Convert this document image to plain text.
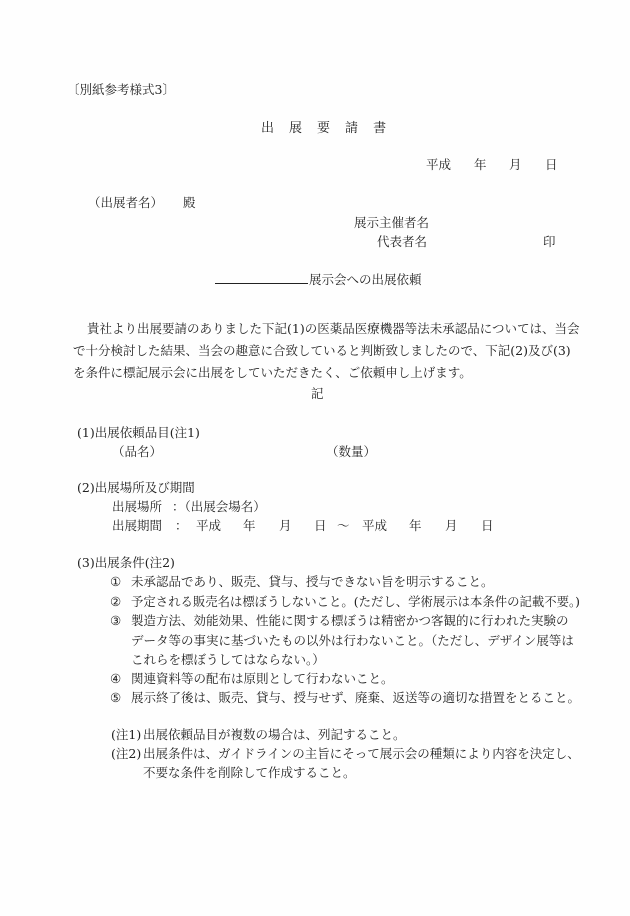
〔別紙参考様式3〕
出 展 要 請 書
平成 年 月 日
（出展者名） 殿
展示主催者名
代表者名	印
展示会への出展依頼
貴社より出展要請のありました下記(1)の医薬品医療機器等法未承認品については、当会
で十分検討した結果、当会の趣意に合致していると判断致しましたので、下記(2)及び(3)
を条件に標記展示会に出展をしていただきたく、ご依頼申し上げます。
記
(1)出展依頼品目(注1)
（品名）	（数量）
(2)出展場所及び期間
出展場所 ：（出展会場名）
出展期間 ： 平成 年 月 日 ～ 平成 年 月 日
(3)出展条件(注2)
① 未承認品であり、販売、貸与、授与できない旨を明示すること。
② 予定される販売名は標ぼうしないこと。(ただし、学術展示は本条件の記載不要。)
③ 製造方法、効能効果、性能に関する標ぼうは精密かつ客観的に行われた実験の
データ等の事実に基づいたもの以外は行わないこと。（ただし、デザイン展等は
これらを標ぼうしてはならない。）
④ 関連資料等の配布は原則として行わないこと。
⑤ 展示終了後は、販売、貸与、授与せず、廃棄、返送等の適切な措置をとること。
(注1) 出展依頼品目が複数の場合は、列記すること。
(注2) 出展条件は、ガイドラインの主旨にそって展示会の種類により内容を決定し、
不要な条件を削除して作成すること。
